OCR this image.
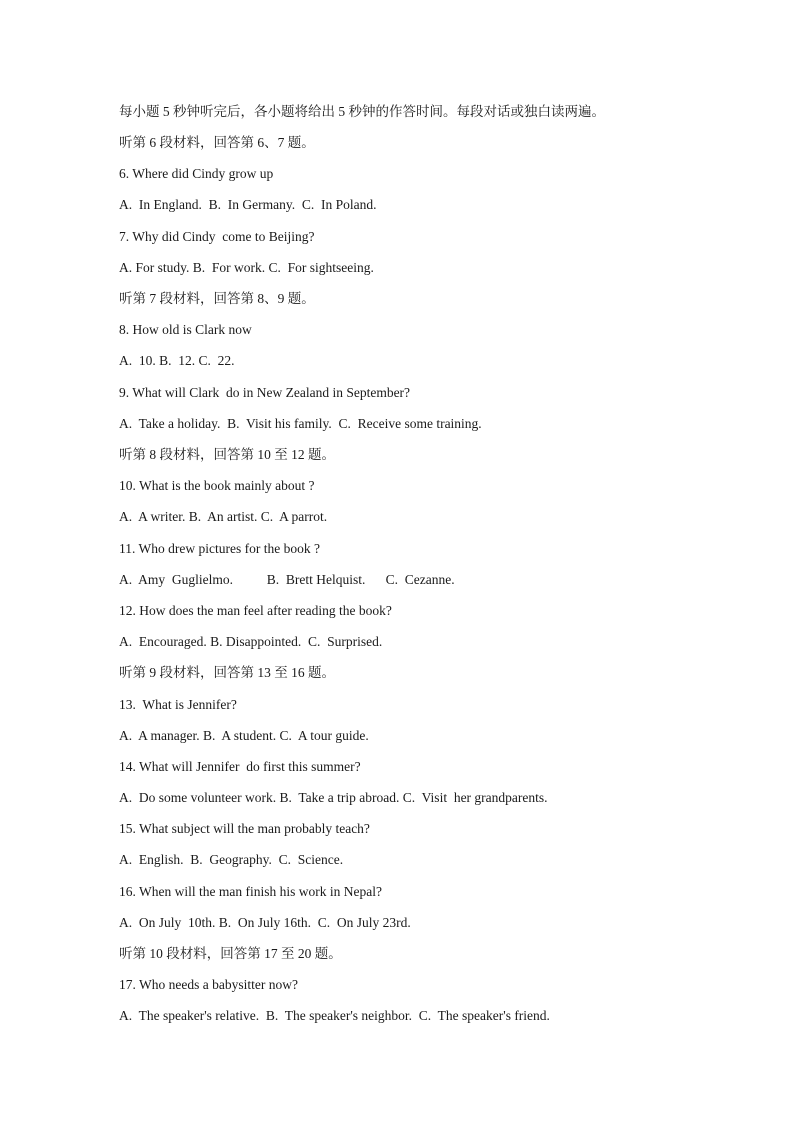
每小题 5 秒钟听完后，各小题将给出 5 秒钟的作答时间。每段对话或独白读两遍。
听第 6 段材料，回答第 6、7 题。
6. Where did Cindy grow up
A.  In England.  B.  In Germany.  C.  In Poland.
7. Why did Cindy  come to Beijing?
A. For study. B.  For work. C.  For sightseeing.
听第 7 段材料，回答第 8、9 题。
8. How old is Clark now
A.  10. B.  12. C.  22.
9. What will Clark  do in New Zealand in September?
A.  Take a holiday.  B.  Visit his family.  C.  Receive some training.
听第 8 段材料，回答第 10 至 12 题。
10. What is the book mainly about ?
A.  A writer. B.  An artist. C.  A parrot.
11. Who drew pictures for the book ?
A.  Amy  Guglielmo.          B.  Brett Helquist.      C.  Cezanne.
12. How does the man feel after reading the book?
A.  Encouraged. B. Disappointed.  C.  Surprised.
听第 9 段材料，回答第 13 至 16 题。
13.  What is Jennifer?
A.  A manager. B.  A student. C.  A tour guide.
14. What will Jennifer  do first this summer?
A.  Do some volunteer work. B.  Take a trip abroad. C.  Visit  her grandparents.
15. What subject will the man probably teach?
A.  English.  B.  Geography.  C.  Science.
16. When will the man finish his work in Nepal?
A.  On July  10th. B.  On July 16th.  C.  On July 23rd.
听第 10 段材料，回答第 17 至 20 题。
17. Who needs a babysitter now?
A.  The speaker's relative.  B.  The speaker's neighbor.  C.  The speaker's friend.
